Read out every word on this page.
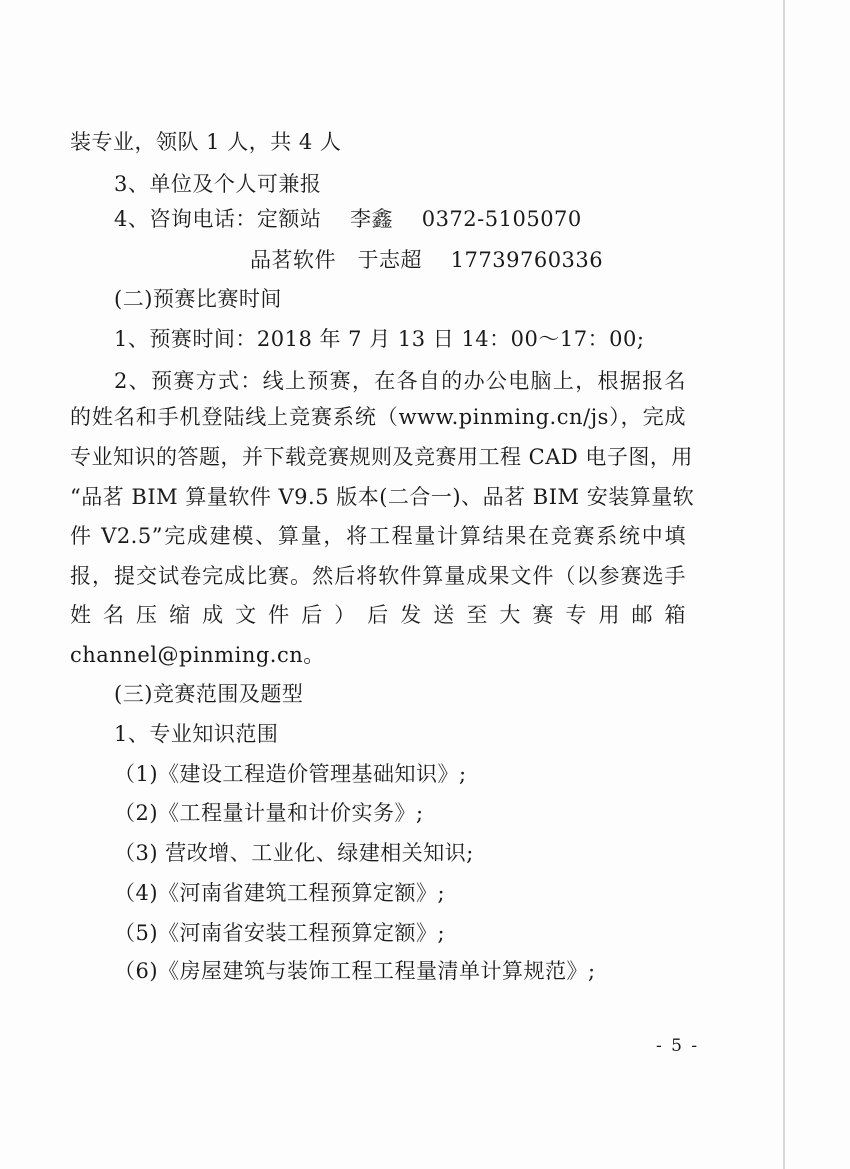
装专业，领队 1 人，共 4 人
3、单位及个人可兼报
4、咨询电话：定额站　 李鑫　 0372-5105070
品茗软件　于志超　 17739760336
(二)预赛比赛时间
1、预赛时间：2018 年 7 月 13 日 14：00～17：00;
2、预赛方式：线上预赛，在各自的办公电脑上，根据报名
的姓名和手机登陆线上竞赛系统（www.pinming.cn/js），完成
专业知识的答题，并下载竞赛规则及竞赛用工程 CAD 电子图，用
“品茗 BIM 算量软件 V9.5 版本(二合一)、品茗 BIM 安装算量软
件 V2.5”完成建模、算量，将工程量计算结果在竞赛系统中填
报，提交试卷完成比赛。然后将软件算量成果文件（以参赛选手
姓名压缩成文件后）后发送至大赛专用邮箱
channel@pinming.cn。
(三)竞赛范围及题型
1、专业知识范围
（1)《建设工程造价管理基础知识》;
（2)《工程量计量和计价实务》;
（3) 营改增、工业化、绿建相关知识;
（4)《河南省建筑工程预算定额》;
（5)《河南省安装工程预算定额》;
（6)《房屋建筑与装饰工程工程量清单计算规范》;
- 5 -
